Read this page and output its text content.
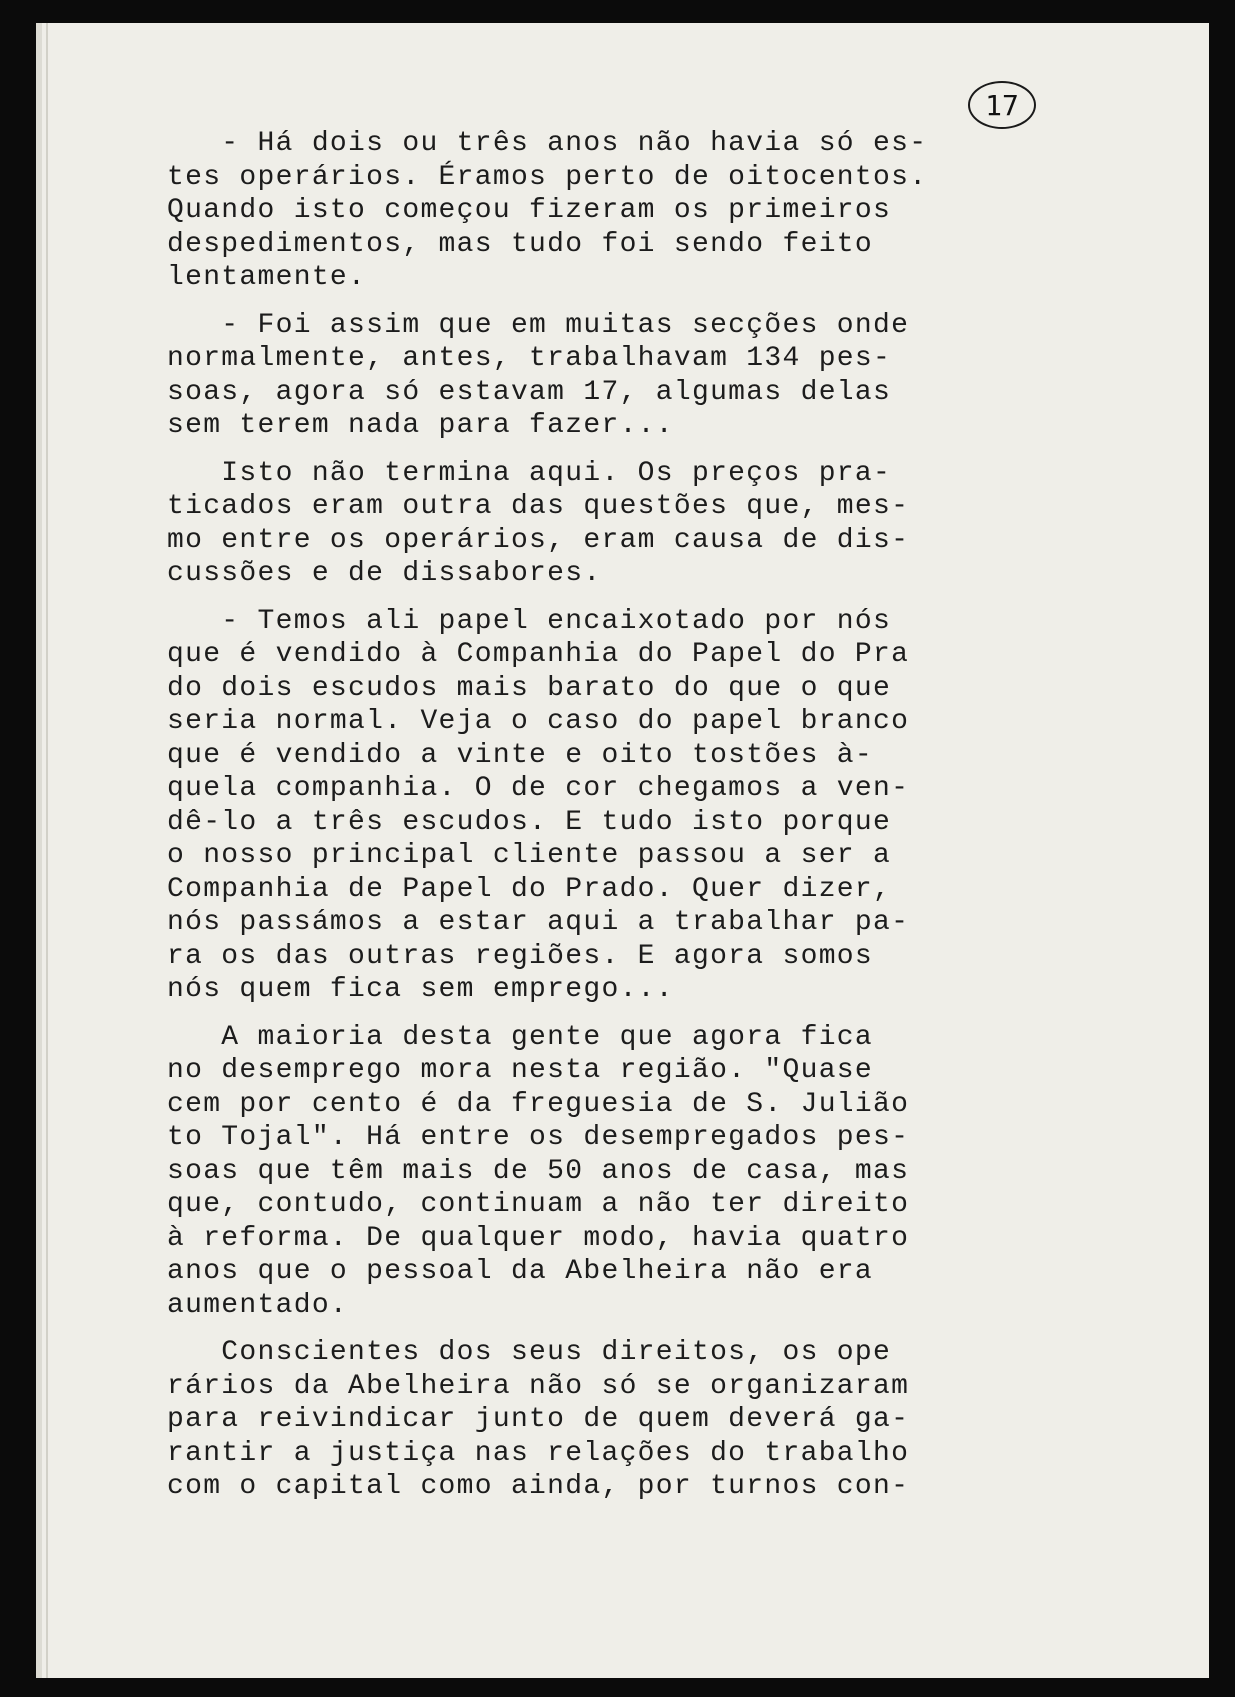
17
- Há dois ou três anos não havia só es-
tes operários. Éramos perto de oitocentos.
Quando isto começou fizeram os primeiros
despedimentos, mas tudo foi sendo feito
lentamente.
- Foi assim que em muitas secções onde
normalmente, antes, trabalhavam 134 pes-
soas, agora só estavam 17, algumas delas
sem terem nada para fazer...
Isto não termina aqui. Os preços pra-
ticados eram outra das questões que, mes-
mo entre os operários, eram causa de dis-
cussões e de dissabores.
- Temos ali papel encaixotado por nós
que é vendido à Companhia do Papel do Pra
do dois escudos mais barato do que o que
seria normal. Veja o caso do papel branco
que é vendido a vinte e oito tostões à-
quela companhia. O de cor chegamos a ven-
dê-lo a três escudos. E tudo isto porque
o nosso principal cliente passou a ser a
Companhia de Papel do Prado. Quer dizer,
nós passámos a estar aqui a trabalhar pa-
ra os das outras regiões. E agora somos
nós quem fica sem emprego...
A maioria desta gente que agora fica
no desemprego mora nesta região. "Quase
cem por cento é da freguesia de S. Julião
to Tojal". Há entre os desempregados pes-
soas que têm mais de 50 anos de casa, mas
que, contudo, continuam a não ter direito
à reforma. De qualquer modo, havia quatro
anos que o pessoal da Abelheira não era
aumentado.
Conscientes dos seus direitos, os ope
rários da Abelheira não só se organizaram
para reivindicar junto de quem deverá ga-
rantir a justiça nas relações do trabalho
com o capital como ainda, por turnos con-
